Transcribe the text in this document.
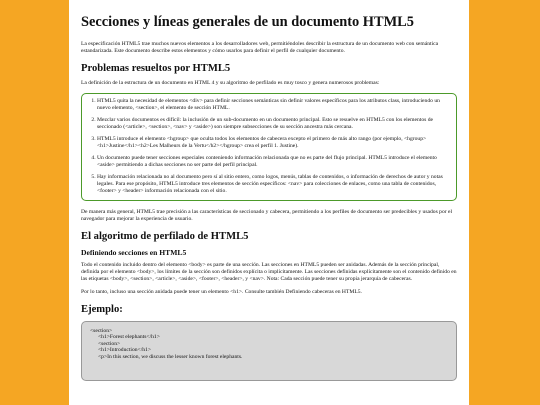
Secciones y líneas generales de un documento HTML5

La especificación HTML5 trae muchos nuevos elementos a los desarrolladores web, permitiéndoles describir la estructura de un documento web con semántica estandarizada. Este documento describe estos elementos y cómo usarlos para definir el perfil de cualquier documento.

Problemas resueltos por HTML5

La definición de la estructura de un documento en HTML 4 y su algoritmo de perfilado es muy tosco y genera numerosos problemas:

1. HTML5 quita la necesidad de elementos <div> para definir secciones semánticas sin definir valores específicos para los atributos class, introduciendo un nuevo elemento, <section>, el elemento de sección HTML.
2. Mezclar varios documentos es difícil: la inclusión de un sub-documento en un documento principal. Esto se resuelve en HTML5 con los elementos de seccionado (<article>, <section>, <nav> y <aside>) son siempre subsecciones de su sección ancestra más cercana.
3. HTML5 introduce el elemento <hgroup> que oculta todos los elementos de cabecera excepto el primero de más alto rango (por ejemplo, <hgroup><h1>Justine</h1><h2>Les Malheurs de la Vertu</h2></hgroup> crea el perfil 1. Justine).
4. Un documento puede tener secciones especiales conteniendo información relacionada que no es parte del flujo principal. HTML5 introduce el elemento <aside> permitiendo a dichas secciones no ser parte del perfil principal.
5. Hay información relacionada no al documento pero sí al sitio entero, como logos, menús, tablas de contenidos, o información de derechos de autor y notas legales. Para ese propósito, HTML5 introduce tres elementos de sección específicos: <nav> para colecciones de enlaces, como una tabla de contenidos, <footer> y <header> información relacionada con el sitio.

De manera más general, HTML5 trae precisión a las características de seccionado y cabecera, permitiendo a los perfiles de documento ser predecibles y usados por el navegador para mejorar la experiencia de usuario.

El algoritmo de perfilado de HTML5
Definiendo secciones en HTML5

Todo el contenido incluido dentro del elemento <body> es parte de una sección. Las secciones en HTML5 pueden ser anidadas. Además de la sección principal, definida por el elemento <body>, los límites de la sección son definidos explícita o implícitamente. Las secciones definidas explícitamente son el contenido definido en las etiquetas <body>, <section>, <article>, <aside>, <footer>, <header>, y <nav>. Nota: Cada sección puede tener su propia jerarquía de cabeceras.

Por lo tanto, incluso una sección anidada puede tener un elemento <h1>. Consulte también Definiendo cabeceras en HTML5.

Ejemplo:
<section>
<h1>Forest elephants</h1>
<section>
<h1>Introduction</h1>
<p>In this section, we discuss the lesser known forest elephants.
